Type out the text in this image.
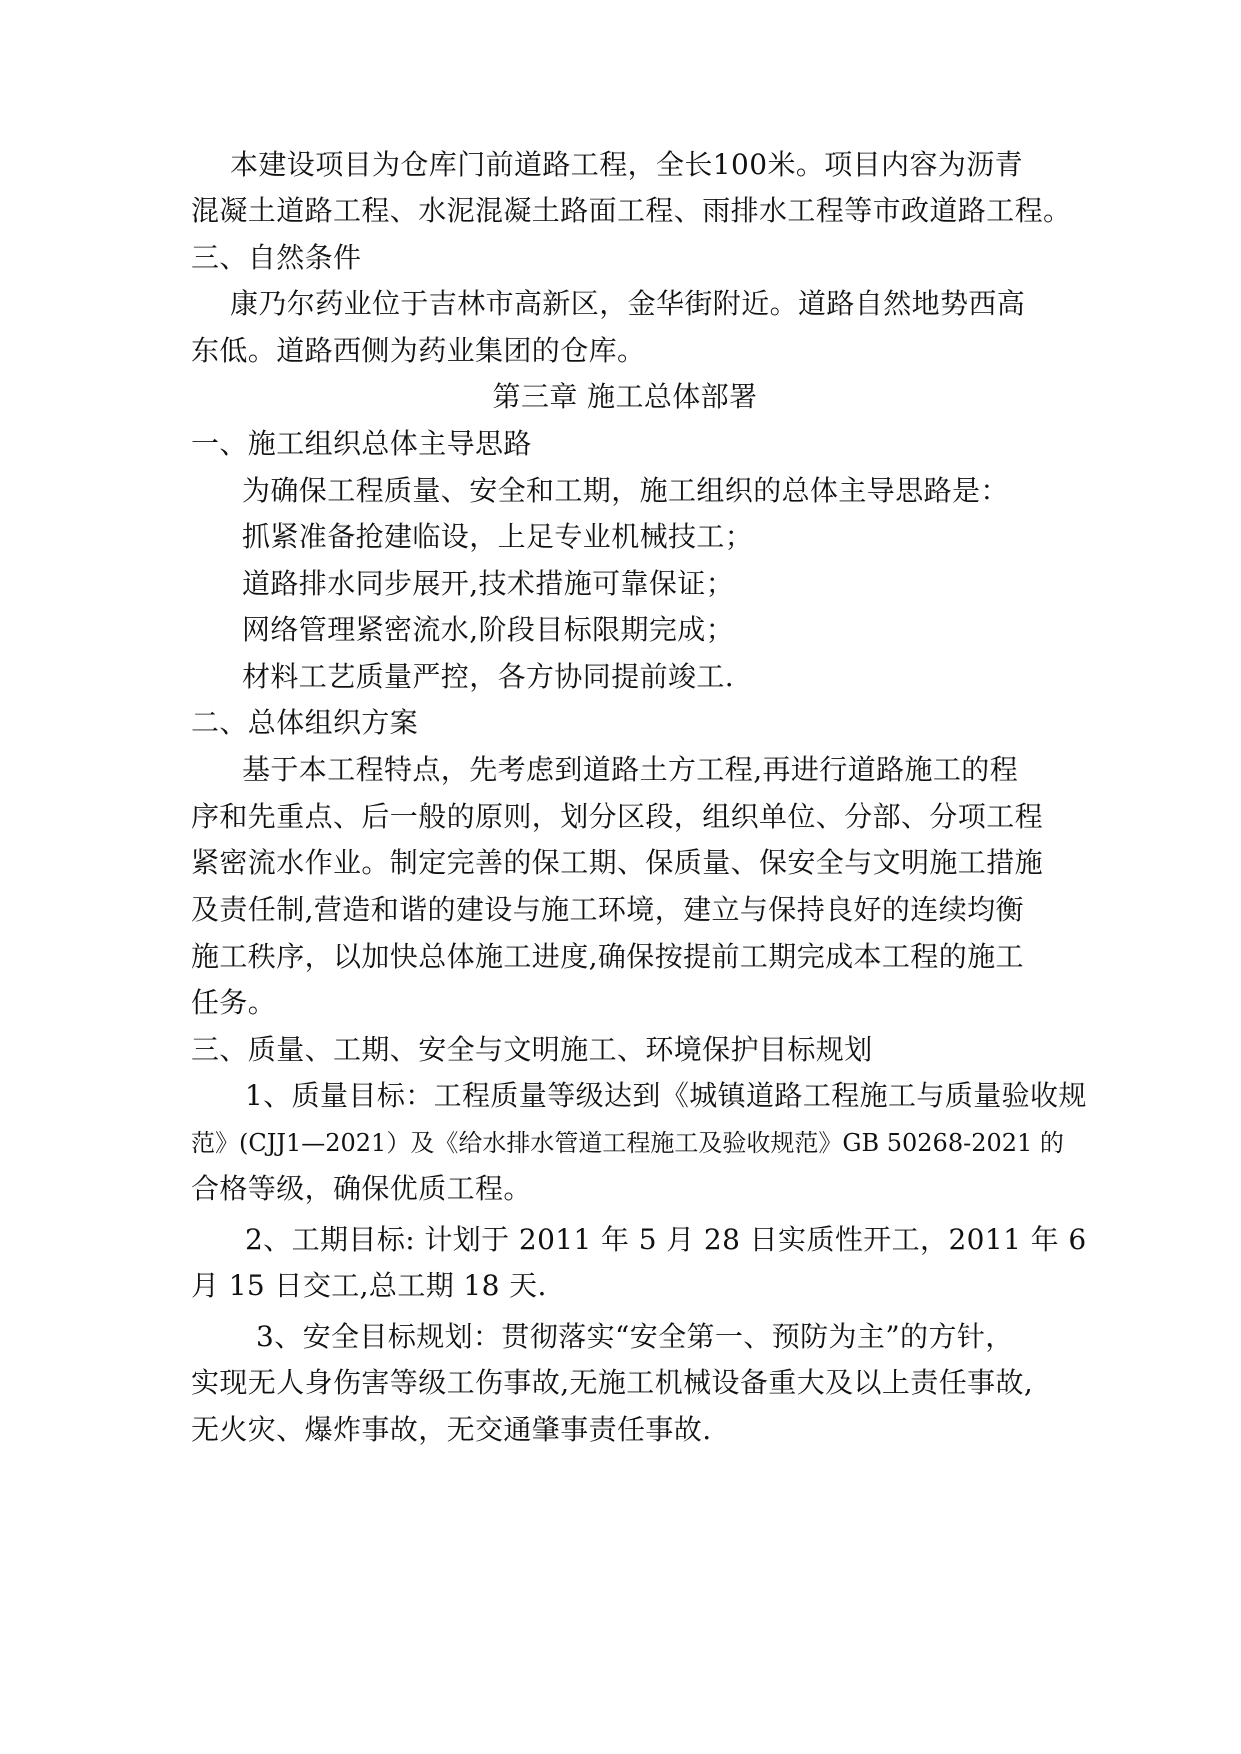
本建设项目为仓库门前道路工程，全长100米。项目内容为沥青
混凝土道路工程、水泥混凝土路面工程、雨排水工程等市政道路工程。
三、自然条件
康乃尔药业位于吉林市高新区，金华街附近。道路自然地势西高
东低。道路西侧为药业集团的仓库。
第三章 施工总体部署
一、施工组织总体主导思路
为确保工程质量、安全和工期，施工组织的总体主导思路是：
抓紧准备抢建临设，上足专业机械技工；
道路排水同步展开,技术措施可靠保证；
网络管理紧密流水,阶段目标限期完成；
材料工艺质量严控，各方协同提前竣工.
二、总体组织方案
基于本工程特点，先考虑到道路土方工程,再进行道路施工的程
序和先重点、后一般的原则，划分区段，组织单位、分部、分项工程
紧密流水作业。制定完善的保工期、保质量、保安全与文明施工措施
及责任制,营造和谐的建设与施工环境，建立与保持良好的连续均衡
施工秩序，以加快总体施工进度,确保按提前工期完成本工程的施工
任务。
三、质量、工期、安全与文明施工、环境保护目标规划
1、质量目标：工程质量等级达到《城镇道路工程施工与质量验收规
范》(CJJ1—2021）及《给水排水管道工程施工及验收规范》GB 50268-2021 的
合格等级，确保优质工程。
2、工期目标: 计划于 2011 年 5 月 28 日实质性开工，2011 年 6
月 15 日交工,总工期 18 天.
3、安全目标规划：贯彻落实“安全第一、预防为主”的方针，
实现无人身伤害等级工伤事故,无施工机械设备重大及以上责任事故,
无火灾、爆炸事故，无交通肇事责任事故.
